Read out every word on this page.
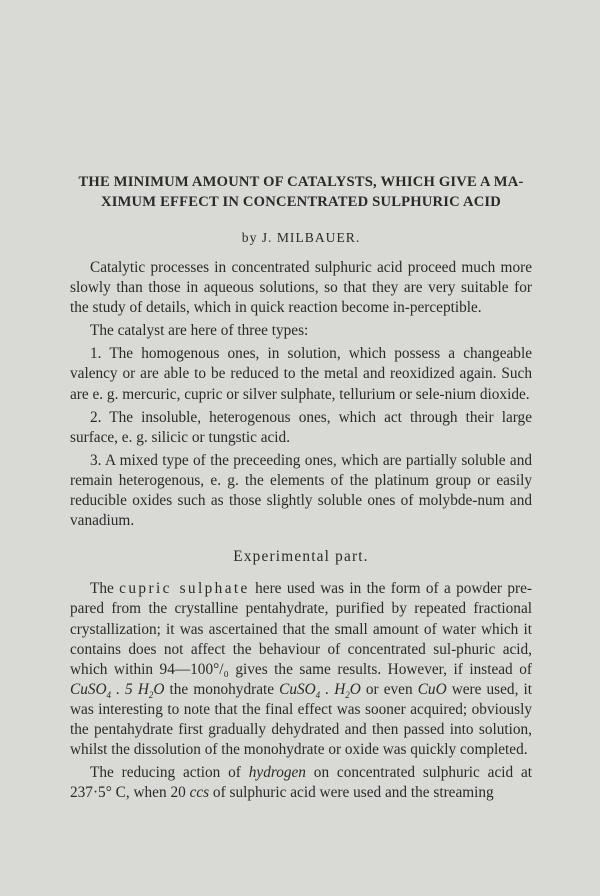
THE MINIMUM AMOUNT OF CATALYSTS, WHICH GIVE A MA-
XIMUM EFFECT IN CONCENTRATED SULPHURIC ACID
by J. MILBAUER.

Catalytic processes in concentrated sulphuric acid proceed much more slowly than those in aqueous solutions, so that they are very suitable for the study of details, which in quick reaction become in-perceptible.

The catalyst are here of three types:

1. The homogenous ones, in solution, which possess a changeable valency or are able to be reduced to the metal and reoxidized again. Such are e. g. mercuric, cupric or silver sulphate, tellurium or sele-nium dioxide.

2. The insoluble, heterogenous ones, which act through their large surface, e. g. silicic or tungstic acid.

3. A mixed type of the preceeding ones, which are partially soluble and remain heterogenous, e. g. the elements of the platinum group or easily reducible oxides such as those slightly soluble ones of molybde-num and vanadium.

Experimental part.

The cupric sulphate here used was in the form of a powder pre-pared from the crystalline pentahydrate, purified by repeated fractional crystallization; it was ascertained that the small amount of water which it contains does not affect the behaviour of concentrated sul-phuric acid, which within 94—100°/₀ gives the same results. However, if instead of CuSO$_4$ . 5 $H_2O$ the monohydrate CuSO$_4$ . $H_2O$ or even CuO were used, it was interesting to note that the final effect was sooner acquired; obviously the pentahydrate first gradually dehydrated and then passed into solution, whilst the dissolution of the monohydrate or oxide was quickly completed.

The reducing action of hydrogen on concentrated sulphuric acid at 237·5° C, when 20 ccs of sulphuric acid were used and the streaming
